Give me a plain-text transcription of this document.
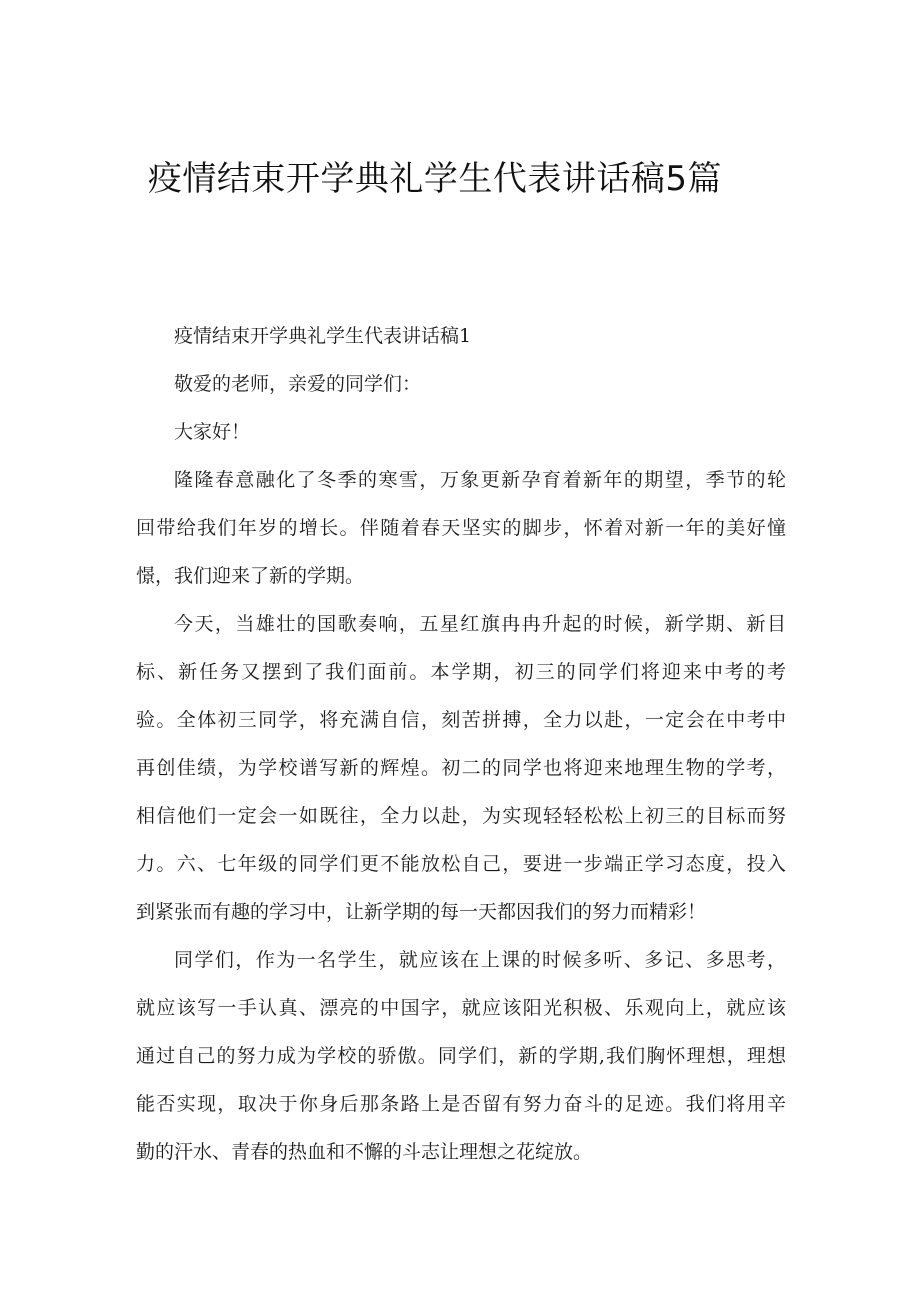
疫情结束开学典礼学生代表讲话稿5篇

疫情结束开学典礼学生代表讲话稿1

敬爱的老师，亲爱的同学们：

大家好！

隆隆春意融化了冬季的寒雪，万象更新孕育着新年的期望，季节的轮

回带给我们年岁的增长。伴随着春天坚实的脚步，怀着对新一年的美好憧

憬，我们迎来了新的学期。

今天，当雄壮的国歌奏响，五星红旗冉冉升起的时候，新学期、新目

标、新任务又摆到了我们面前。本学期，初三的同学们将迎来中考的考

验。全体初三同学，将充满自信，刻苦拼搏，全力以赴，一定会在中考中

再创佳绩，为学校谱写新的辉煌。初二的同学也将迎来地理生物的学考，

相信他们一定会一如既往，全力以赴，为实现轻轻松松上初三的目标而努

力。六、七年级的同学们更不能放松自己，要进一步端正学习态度，投入

到紧张而有趣的学习中，让新学期的每一天都因我们的努力而精彩！

同学们，作为一名学生，就应该在上课的时候多听、多记、多思考，

就应该写一手认真、漂亮的中国字，就应该阳光积极、乐观向上，就应该

通过自己的努力成为学校的骄傲。同学们，新的学期,我们胸怀理想，理想

能否实现，取决于你身后那条路上是否留有努力奋斗的足迹。我们将用辛

勤的汗水、青春的热血和不懈的斗志让理想之花绽放。
